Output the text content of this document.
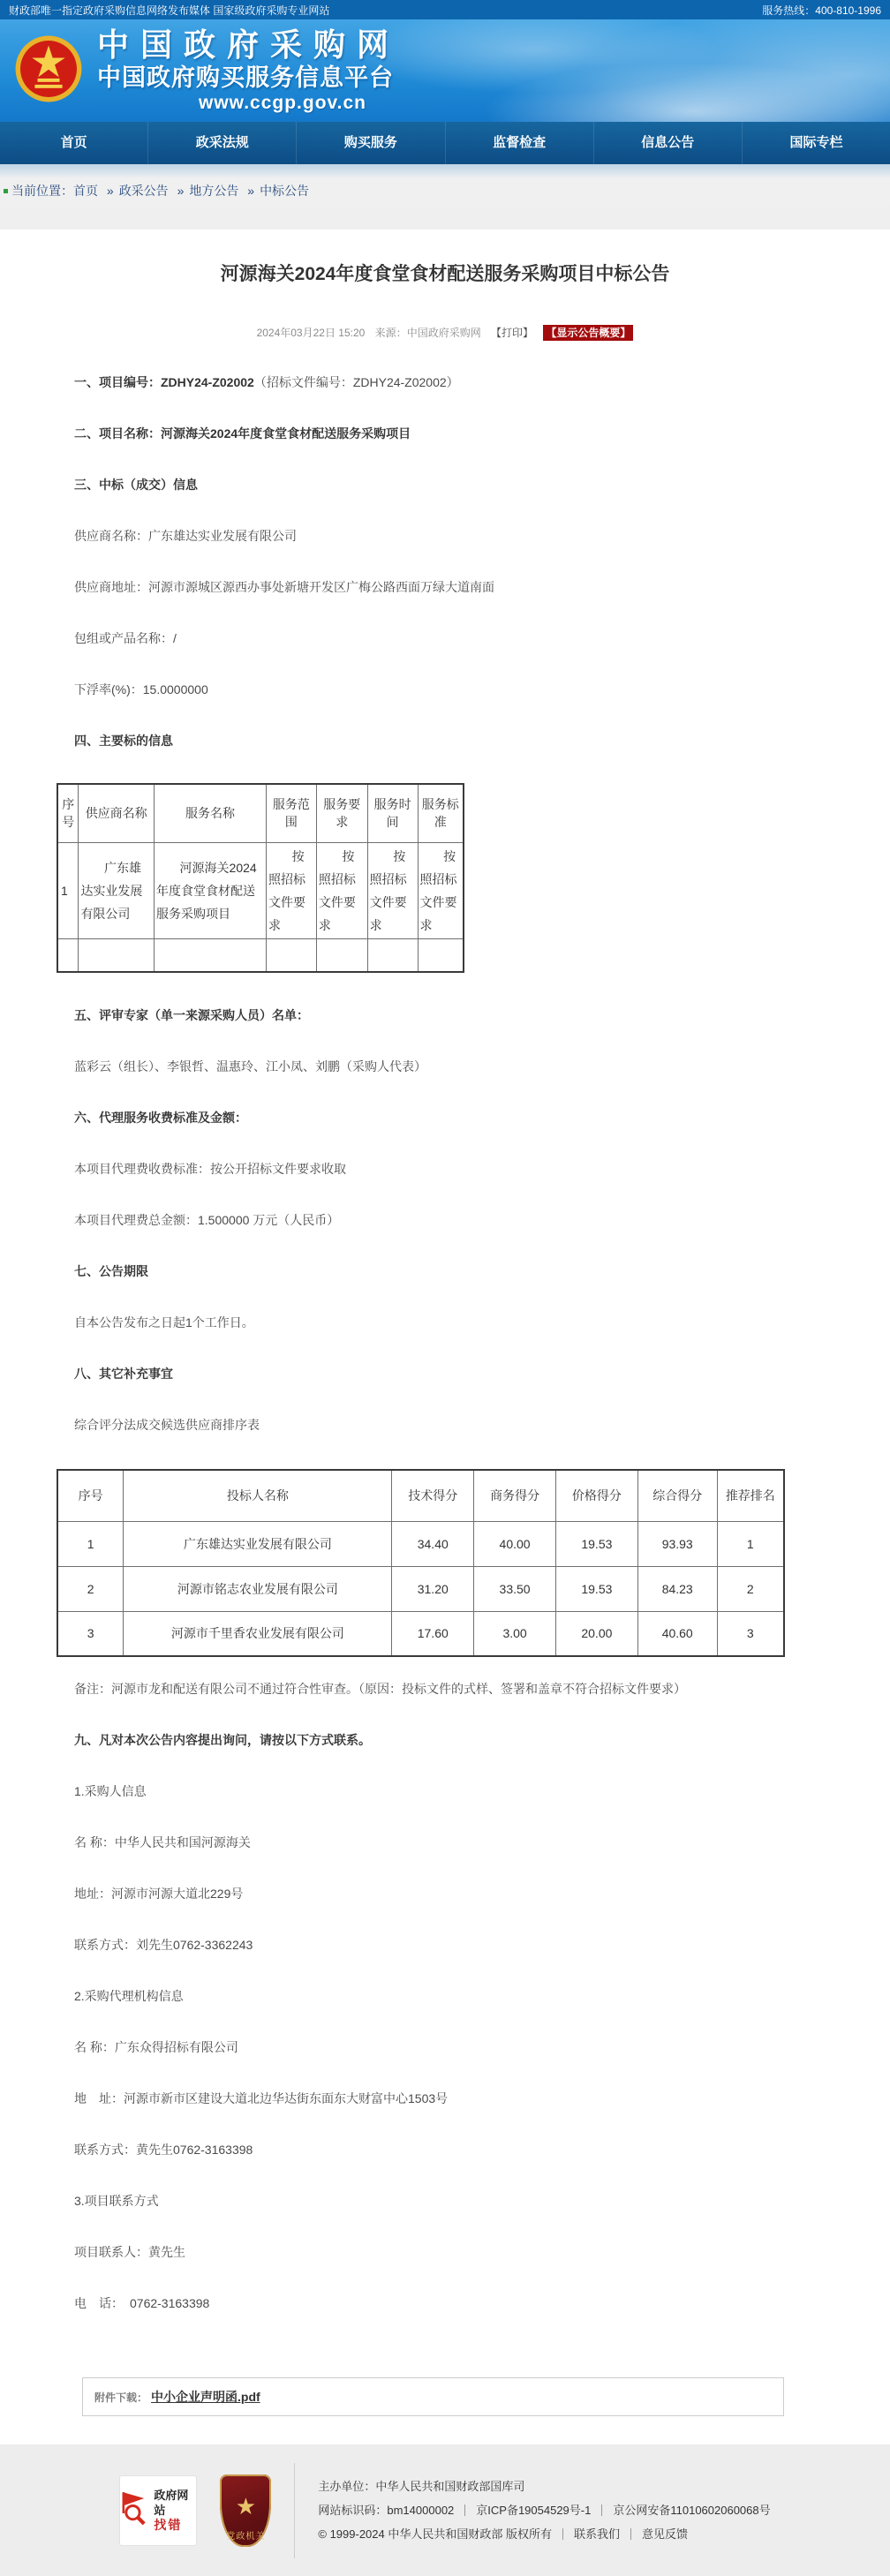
财政部唯一指定政府采购信息网络发布媒体 国家级政府采购专业网站	服务热线：400-810-1996
中国政府采购网
中国政府购买服务信息平台
www.ccgp.gov.cn
首页	政采法规	购买服务	监督检查	信息公告	国际专栏
当前位置：首页 » 政采公告 » 地方公告 » 中标公告
河源海关2024年度食堂食材配送服务采购项目中标公告
2024年03月22日 15:20 来源：中国政府采购网 【打印】 【显示公告概要】

一、项目编号：ZDHY24-Z02002（招标文件编号：ZDHY24-Z02002）

二、项目名称：河源海关2024年度食堂食材配送服务采购项目

三、中标（成交）信息

供应商名称：广东雄达实业发展有限公司

供应商地址：河源市源城区源西办事处新塘开发区广梅公路西面万绿大道南面

包组或产品名称：/

下浮率(%)：15.0000000

四、主要标的信息

序号	供应商名称	服务名称	服务范围	服务要求	服务时间	服务标准
1	广东雄达实业发展有限公司	河源海关2024年度食堂食材配送服务采购项目	按照招标文件要求	按照招标文件要求	按照招标文件要求	按照招标文件要求

五、评审专家（单一来源采购人员）名单：

蓝彩云（组长）、李银哲、温惠玲、江小凤、刘鹏（采购人代表）

六、代理服务收费标准及金额：

本项目代理费收费标准：按公开招标文件要求收取

本项目代理费总金额：1.500000 万元（人民币）

七、公告期限

自本公告发布之日起1个工作日。

八、其它补充事宜

综合评分法成交候选供应商排序表

序号	投标人名称	技术得分	商务得分	价格得分	综合得分	推荐排名
1	广东雄达实业发展有限公司	34.40	40.00	19.53	93.93	1
2	河源市铭志农业发展有限公司	31.20	33.50	19.53	84.23	2
3	河源市千里香农业发展有限公司	17.60	3.00	20.00	40.60	3

备注：河源市龙和配送有限公司不通过符合性审查。（原因：投标文件的式样、签署和盖章不符合招标文件要求）

九、凡对本次公告内容提出询问，请按以下方式联系。

1.采购人信息

名 称：中华人民共和国河源海关

地址：河源市河源大道北229号

联系方式：刘先生0762-3362243

2.采购代理机构信息

名 称：广东众得招标有限公司

地　址：河源市新市区建设大道北边华达街东面东大财富中心1503号

联系方式：黄先生0762-3163398

3.项目联系方式

项目联系人：黄先生

电　话：　0762-3163398

附件下载： 中小企业声明函.pdf
政府网站
找错
★
党政机关
主办单位：中华人民共和国财政部国库司
网站标识码：bm14000002 京ICP备19054529号-1 京公网安备11010602060068号
© 1999-2024 中华人民共和国财政部 版权所有 联系我们 意见反馈
